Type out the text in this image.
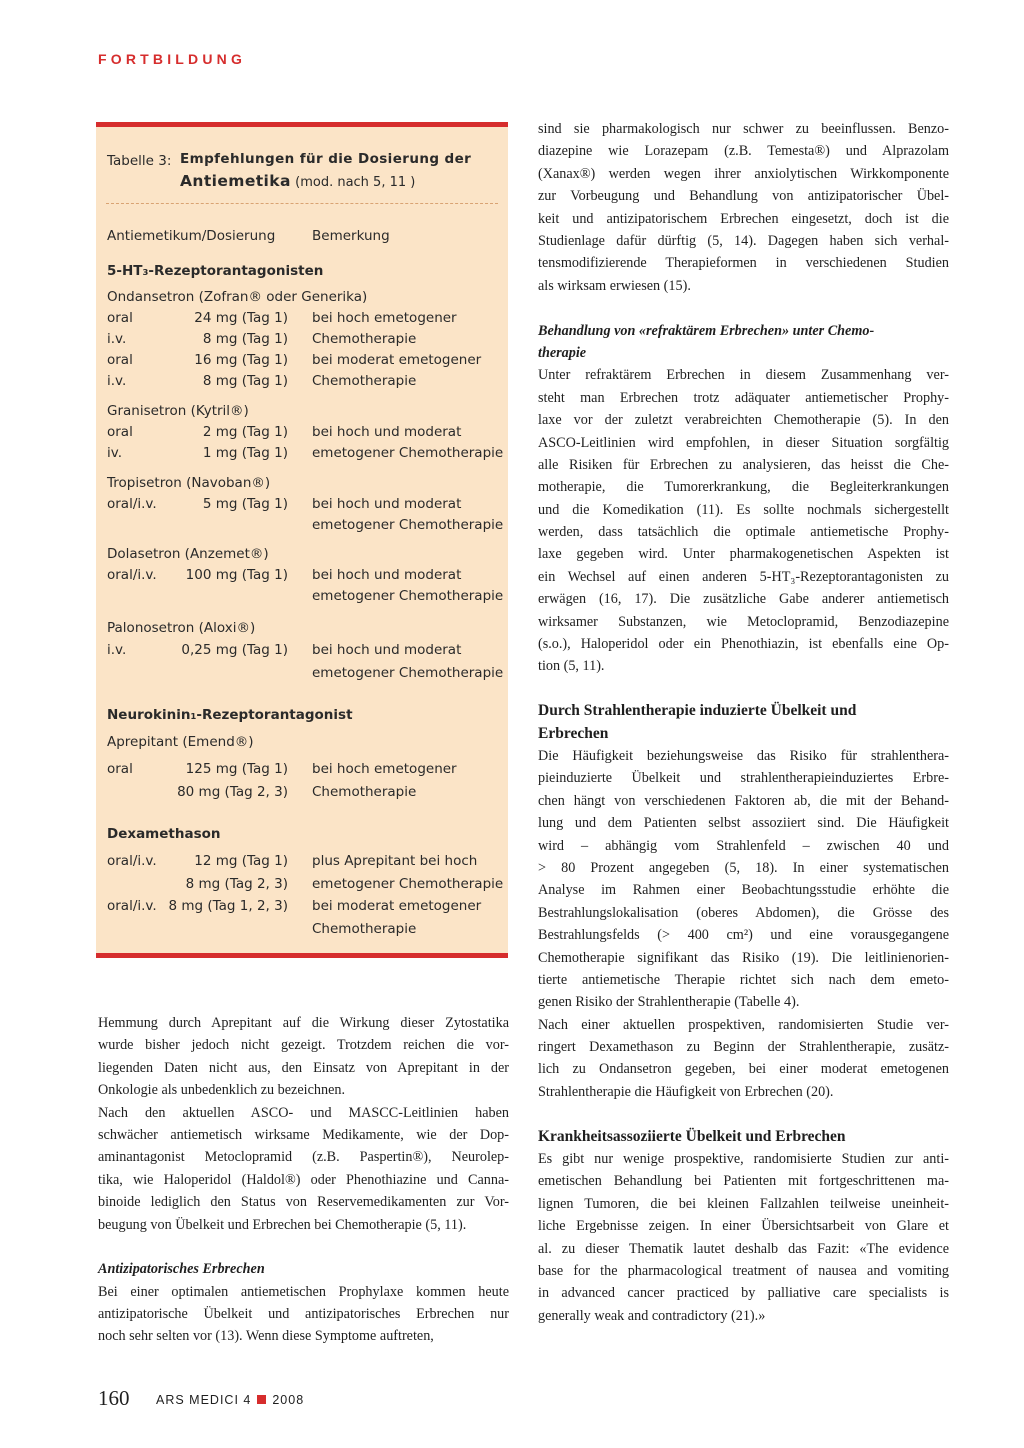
FORTBILDUNG
Tabelle 3: Empfehlungen für die Dosierung der
Antiemetika (mod. nach 5, 11 )
Antiemetikum/Dosierung	Bemerkung
5-HT₃-Rezeptorantagonisten
Ondansetron (Zofran® oder Generika)
oral	24 mg (Tag 1) bei hoch emetogener
i.v.	8 mg (Tag 1) Chemotherapie
oral	16 mg (Tag 1) bei moderat emetogener
i.v.	8 mg (Tag 1) Chemotherapie
Granisetron (Kytril®)
oral	2 mg (Tag 1) bei hoch und moderat
iv.	1 mg (Tag 1) emetogener Chemotherapie
Tropisetron (Navoban®)
oral/i.v.	5 mg (Tag 1) bei hoch und moderat
emetogener Chemotherapie
Dolasetron (Anzemet®)
oral/i.v.	100 mg (Tag 1) bei hoch und moderat
emetogener Chemotherapie
Palonosetron (Aloxi®)
i.v.	0,25 mg (Tag 1) bei hoch und moderat
emetogener Chemotherapie
Neurokinin₁-Rezeptorantagonist
Aprepitant (Emend®)
oral	125 mg (Tag 1) bei hoch emetogener
80 mg (Tag 2, 3) Chemotherapie
Dexamethason
oral/i.v.	12 mg (Tag 1) plus Aprepitant bei hoch
8 mg (Tag 2, 3) emetogener Chemotherapie
oral/i.v. 8 mg (Tag 1, 2, 3) bei moderat emetogener
Chemotherapie
Hemmung durch Aprepitant auf die Wirkung dieser Zytostatika
wurde bisher jedoch nicht gezeigt. Trotzdem reichen die vor-
liegenden Daten nicht aus, den Einsatz von Aprepitant in der
Onkologie als unbedenklich zu bezeichnen.
Nach den aktuellen ASCO- und MASCC-Leitlinien haben
schwächer antiemetisch wirksame Medikamente, wie der Dop-
aminantagonist Metoclopramid (z.B. Paspertin®), Neurolep-
tika, wie Haloperidol (Haldol®) oder Phenothiazine und Canna-
binoide lediglich den Status von Reservemedikamenten zur Vor-
beugung von Übelkeit und Erbrechen bei Chemotherapie (5, 11).
Antizipatorisches Erbrechen
Bei einer optimalen antiemetischen Prophylaxe kommen heute
antizipatorische Übelkeit und antizipatorisches Erbrechen nur
noch sehr selten vor (13). Wenn diese Symptome auftreten,
sind sie pharmakologisch nur schwer zu beeinflussen. Benzo-
diazepine wie Lorazepam (z.B. Temesta®) und Alprazolam
(Xanax®) werden wegen ihrer anxiolytischen Wirkkomponente
zur Vorbeugung und Behandlung von antizipatorischer Übel-
keit und antizipatorischem Erbrechen eingesetzt, doch ist die
Studienlage dafür dürftig (5, 14). Dagegen haben sich verhal-
tensmodifizierende Therapieformen in verschiedenen Studien
als wirksam erwiesen (15).
Behandlung von «refraktärem Erbrechen» unter Chemo-
therapie
Unter refraktärem Erbrechen in diesem Zusammenhang ver-
steht man Erbrechen trotz adäquater antiemetischer Prophy-
laxe vor der zuletzt verabreichten Chemotherapie (5). In den
ASCO-Leitlinien wird empfohlen, in dieser Situation sorgfältig
alle Risiken für Erbrechen zu analysieren, das heisst die Che-
motherapie, die Tumorerkrankung, die Begleiterkrankungen
und die Komedikation (11). Es sollte nochmals sichergestellt
werden, dass tatsächlich die optimale antiemetische Prophy-
laxe gegeben wird. Unter pharmakogenetischen Aspekten ist
ein Wechsel auf einen anderen 5-HT₃-Rezeptorantagonisten zu
erwägen (16, 17). Die zusätzliche Gabe anderer antiemetisch
wirksamer Substanzen, wie Metoclopramid, Benzodiazepine
(s.o.), Haloperidol oder ein Phenothiazin, ist ebenfalls eine Op-
tion (5, 11).
Durch Strahlentherapie induzierte Übelkeit und
Erbrechen
Die Häufigkeit beziehungsweise das Risiko für strahlenthera-
pieinduzierte Übelkeit und strahlentherapieinduziertes Erbre-
chen hängt von verschiedenen Faktoren ab, die mit der Behand-
lung und dem Patienten selbst assoziiert sind. Die Häufigkeit
wird – abhängig vom Strahlenfeld – zwischen 40 und
> 80 Prozent angegeben (5, 18). In einer systematischen
Analyse im Rahmen einer Beobachtungsstudie erhöhte die
Bestrahlungslokalisation (oberes Abdomen), die Grösse des
Bestrahlungsfelds (> 400 cm²) und eine vorausgegangene
Chemotherapie signifikant das Risiko (19). Die leitlinienorien-
tierte antiemetische Therapie richtet sich nach dem emeto-
genen Risiko der Strahlentherapie (Tabelle 4).
Nach einer aktuellen prospektiven, randomisierten Studie ver-
ringert Dexamethason zu Beginn der Strahlentherapie, zusätz-
lich zu Ondansetron gegeben, bei einer moderat emetogenen
Strahlentherapie die Häufigkeit von Erbrechen (20).
Krankheitsassoziierte Übelkeit und Erbrechen
Es gibt nur wenige prospektive, randomisierte Studien zur anti-
emetischen Behandlung bei Patienten mit fortgeschrittenen ma-
lignen Tumoren, die bei kleinen Fallzahlen teilweise uneinheit-
liche Ergebnisse zeigen. In einer Übersichtsarbeit von Glare et
al. zu dieser Thematik lautet deshalb das Fazit: «The evidence
base for the pharmacological treatment of nausea and vomiting
in advanced cancer practiced by palliative care specialists is
generally weak and contradictory (21).»
160 ARS MEDICI 4 2008
